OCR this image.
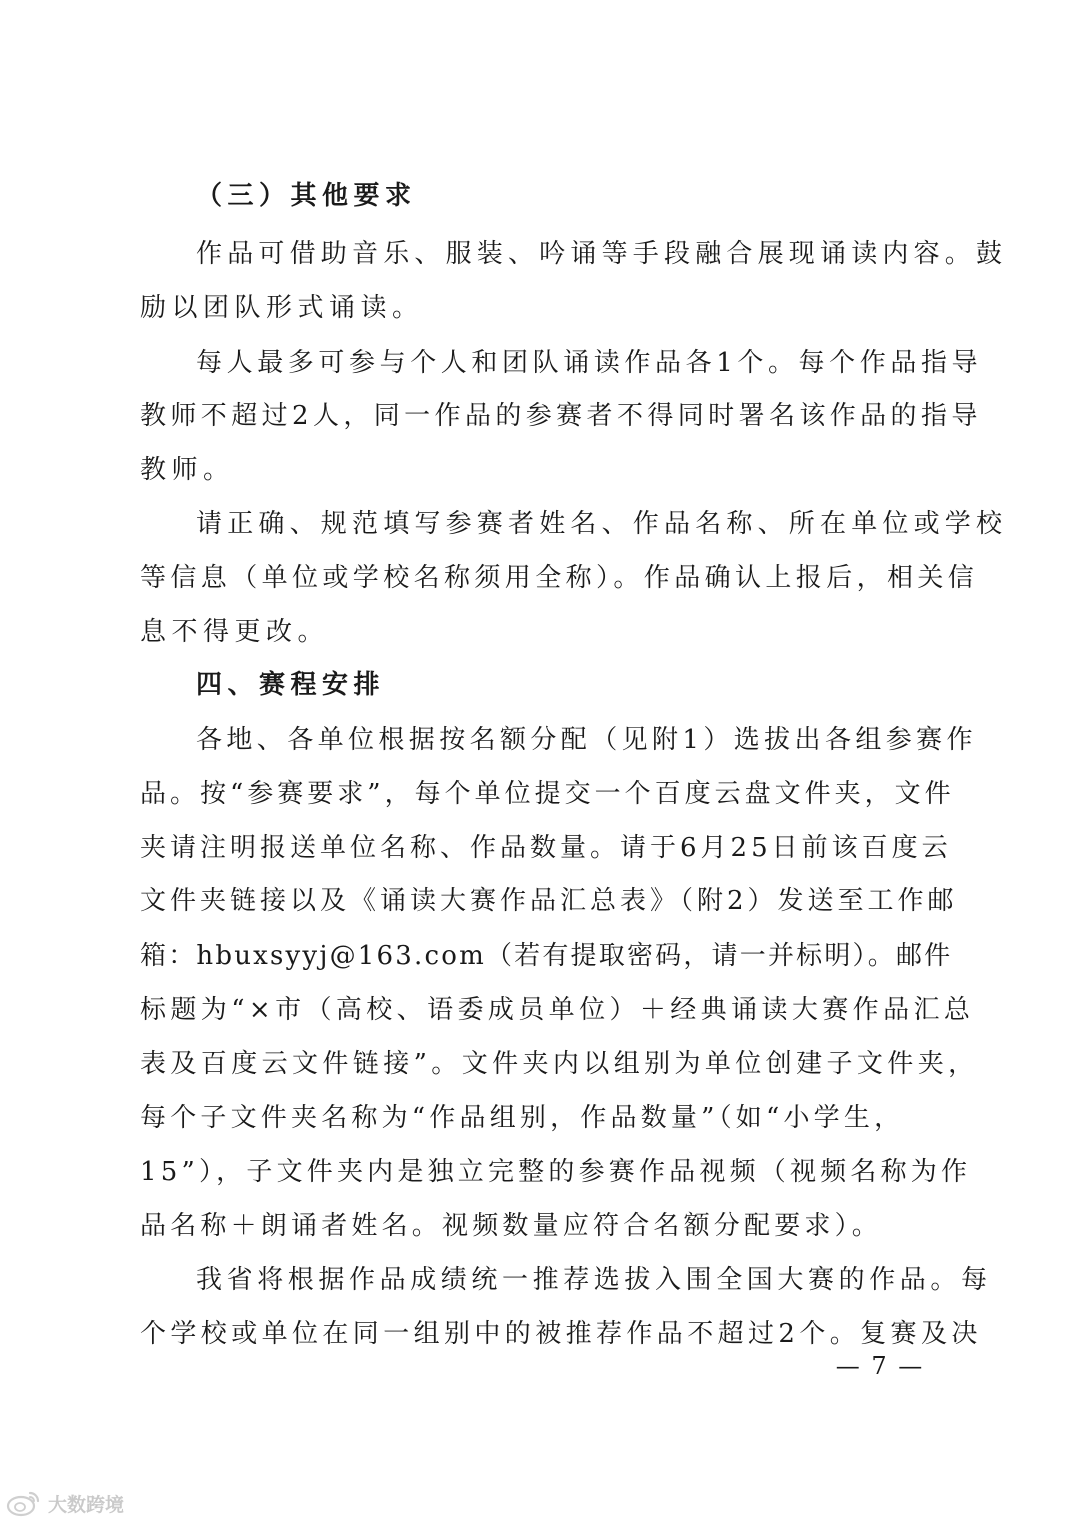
（三）其他要求
作品可借助音乐、服装、吟诵等手段融合展现诵读内容。鼓
励以团队形式诵读。
每人最多可参与个人和团队诵读作品各1个。每个作品指导
教师不超过2人，同一作品的参赛者不得同时署名该作品的指导
教师。
请正确、规范填写参赛者姓名、作品名称、所在单位或学校
等信息（单位或学校名称须用全称）。作品确认上报后，相关信
息不得更改。
四、赛程安排
各地、各单位根据按名额分配（见附1）选拔出各组参赛作
品。按“参赛要求”，每个单位提交一个百度云盘文件夹，文件
夹请注明报送单位名称、作品数量。请于6月25日前该百度云
文件夹链接以及《诵读大赛作品汇总表》（附2）发送至工作邮
箱：hbuxsyyj@163.com（若有提取密码，请一并标明）。邮件
标题为“×市（高校、语委成员单位）＋经典诵读大赛作品汇总
表及百度云文件链接”。文件夹内以组别为单位创建子文件夹，
每个子文件夹名称为“作品组别，作品数量”（如“小学生，
15”），子文件夹内是独立完整的参赛作品视频（视频名称为作
品名称＋朗诵者姓名。视频数量应符合名额分配要求）。
我省将根据作品成绩统一推荐选拔入围全国大赛的作品。每
个学校或单位在同一组别中的被推荐作品不超过2个。复赛及决
— 7 —
大数跨境
